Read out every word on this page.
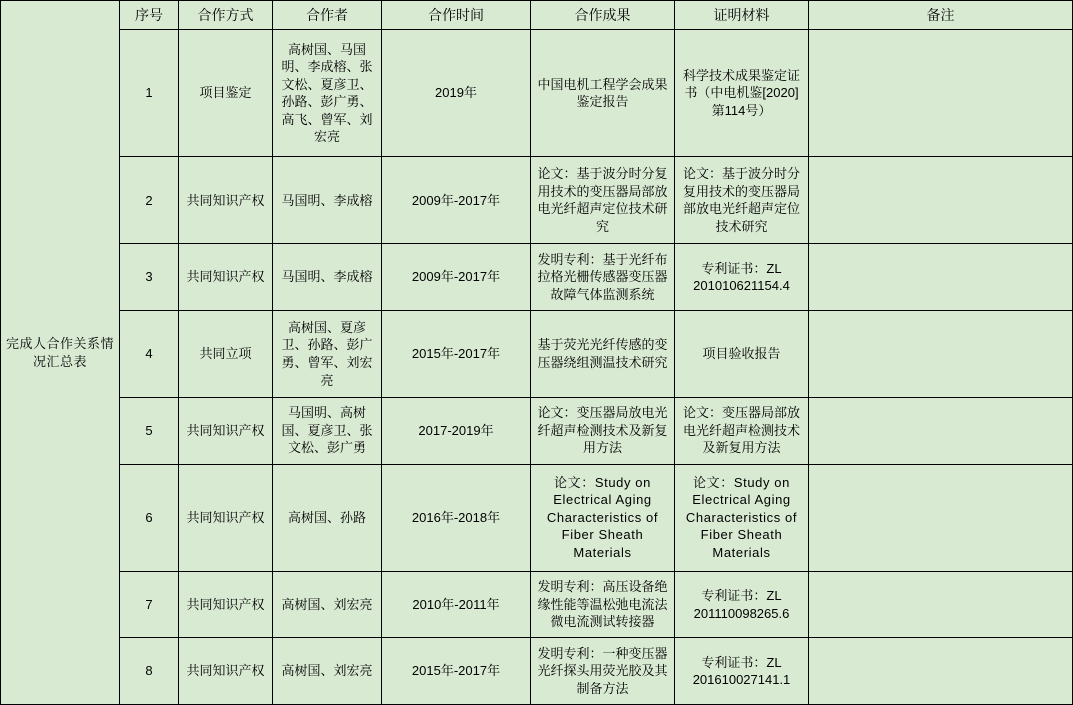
完成人合作关系情况汇总表	序号	合作方式	合作者	合作时间	合作成果	证明材料	备注
	1	项目鉴定	高树国、马国明、李成榕、张文松、夏彦卫、孙路、彭广勇、高飞、曾军、刘宏亮	2019年	中国电机工程学会成果鉴定报告	科学技术成果鉴定证书（中电机鉴[2020]第114号）	
	2	共同知识产权	马国明、李成榕	2009年-2017年	论文：基于波分时分复用技术的变压器局部放电光纤超声定位技术研究	论文：基于波分时分复用技术的变压器局部放电光纤超声定位技术研究	
	3	共同知识产权	马国明、李成榕	2009年-2017年	发明专利：基于光纤布拉格光栅传感器变压器故障气体监测系统	专利证书：ZL 201010621154.4	
	4	共同立项	高树国、夏彦卫、孙路、彭广勇、曾军、刘宏亮	2015年-2017年	基于荧光光纤传感的变压器绕组测温技术研究	项目验收报告	
	5	共同知识产权	马国明、高树国、夏彦卫、张文松、彭广勇	2017-2019年	论文：变压器局放电光纤超声检测技术及新复用方法	论文：变压器局部放电光纤超声检测技术及新复用方法	
	6	共同知识产权	高树国、孙路	2016年-2018年	论文：Study on Electrical Aging Characteristics of Fiber Sheath Materials	论文：Study on Electrical Aging Characteristics of Fiber Sheath Materials	
	7	共同知识产权	高树国、刘宏亮	2010年-2011年	发明专利：高压设备绝缘性能等温松弛电流法微电流测试转接器	专利证书：ZL 201110098265.6	
	8	共同知识产权	高树国、刘宏亮	2015年-2017年	发明专利：一种变压器光纤探头用荧光胶及其制备方法	专利证书：ZL 201610027141.1	
